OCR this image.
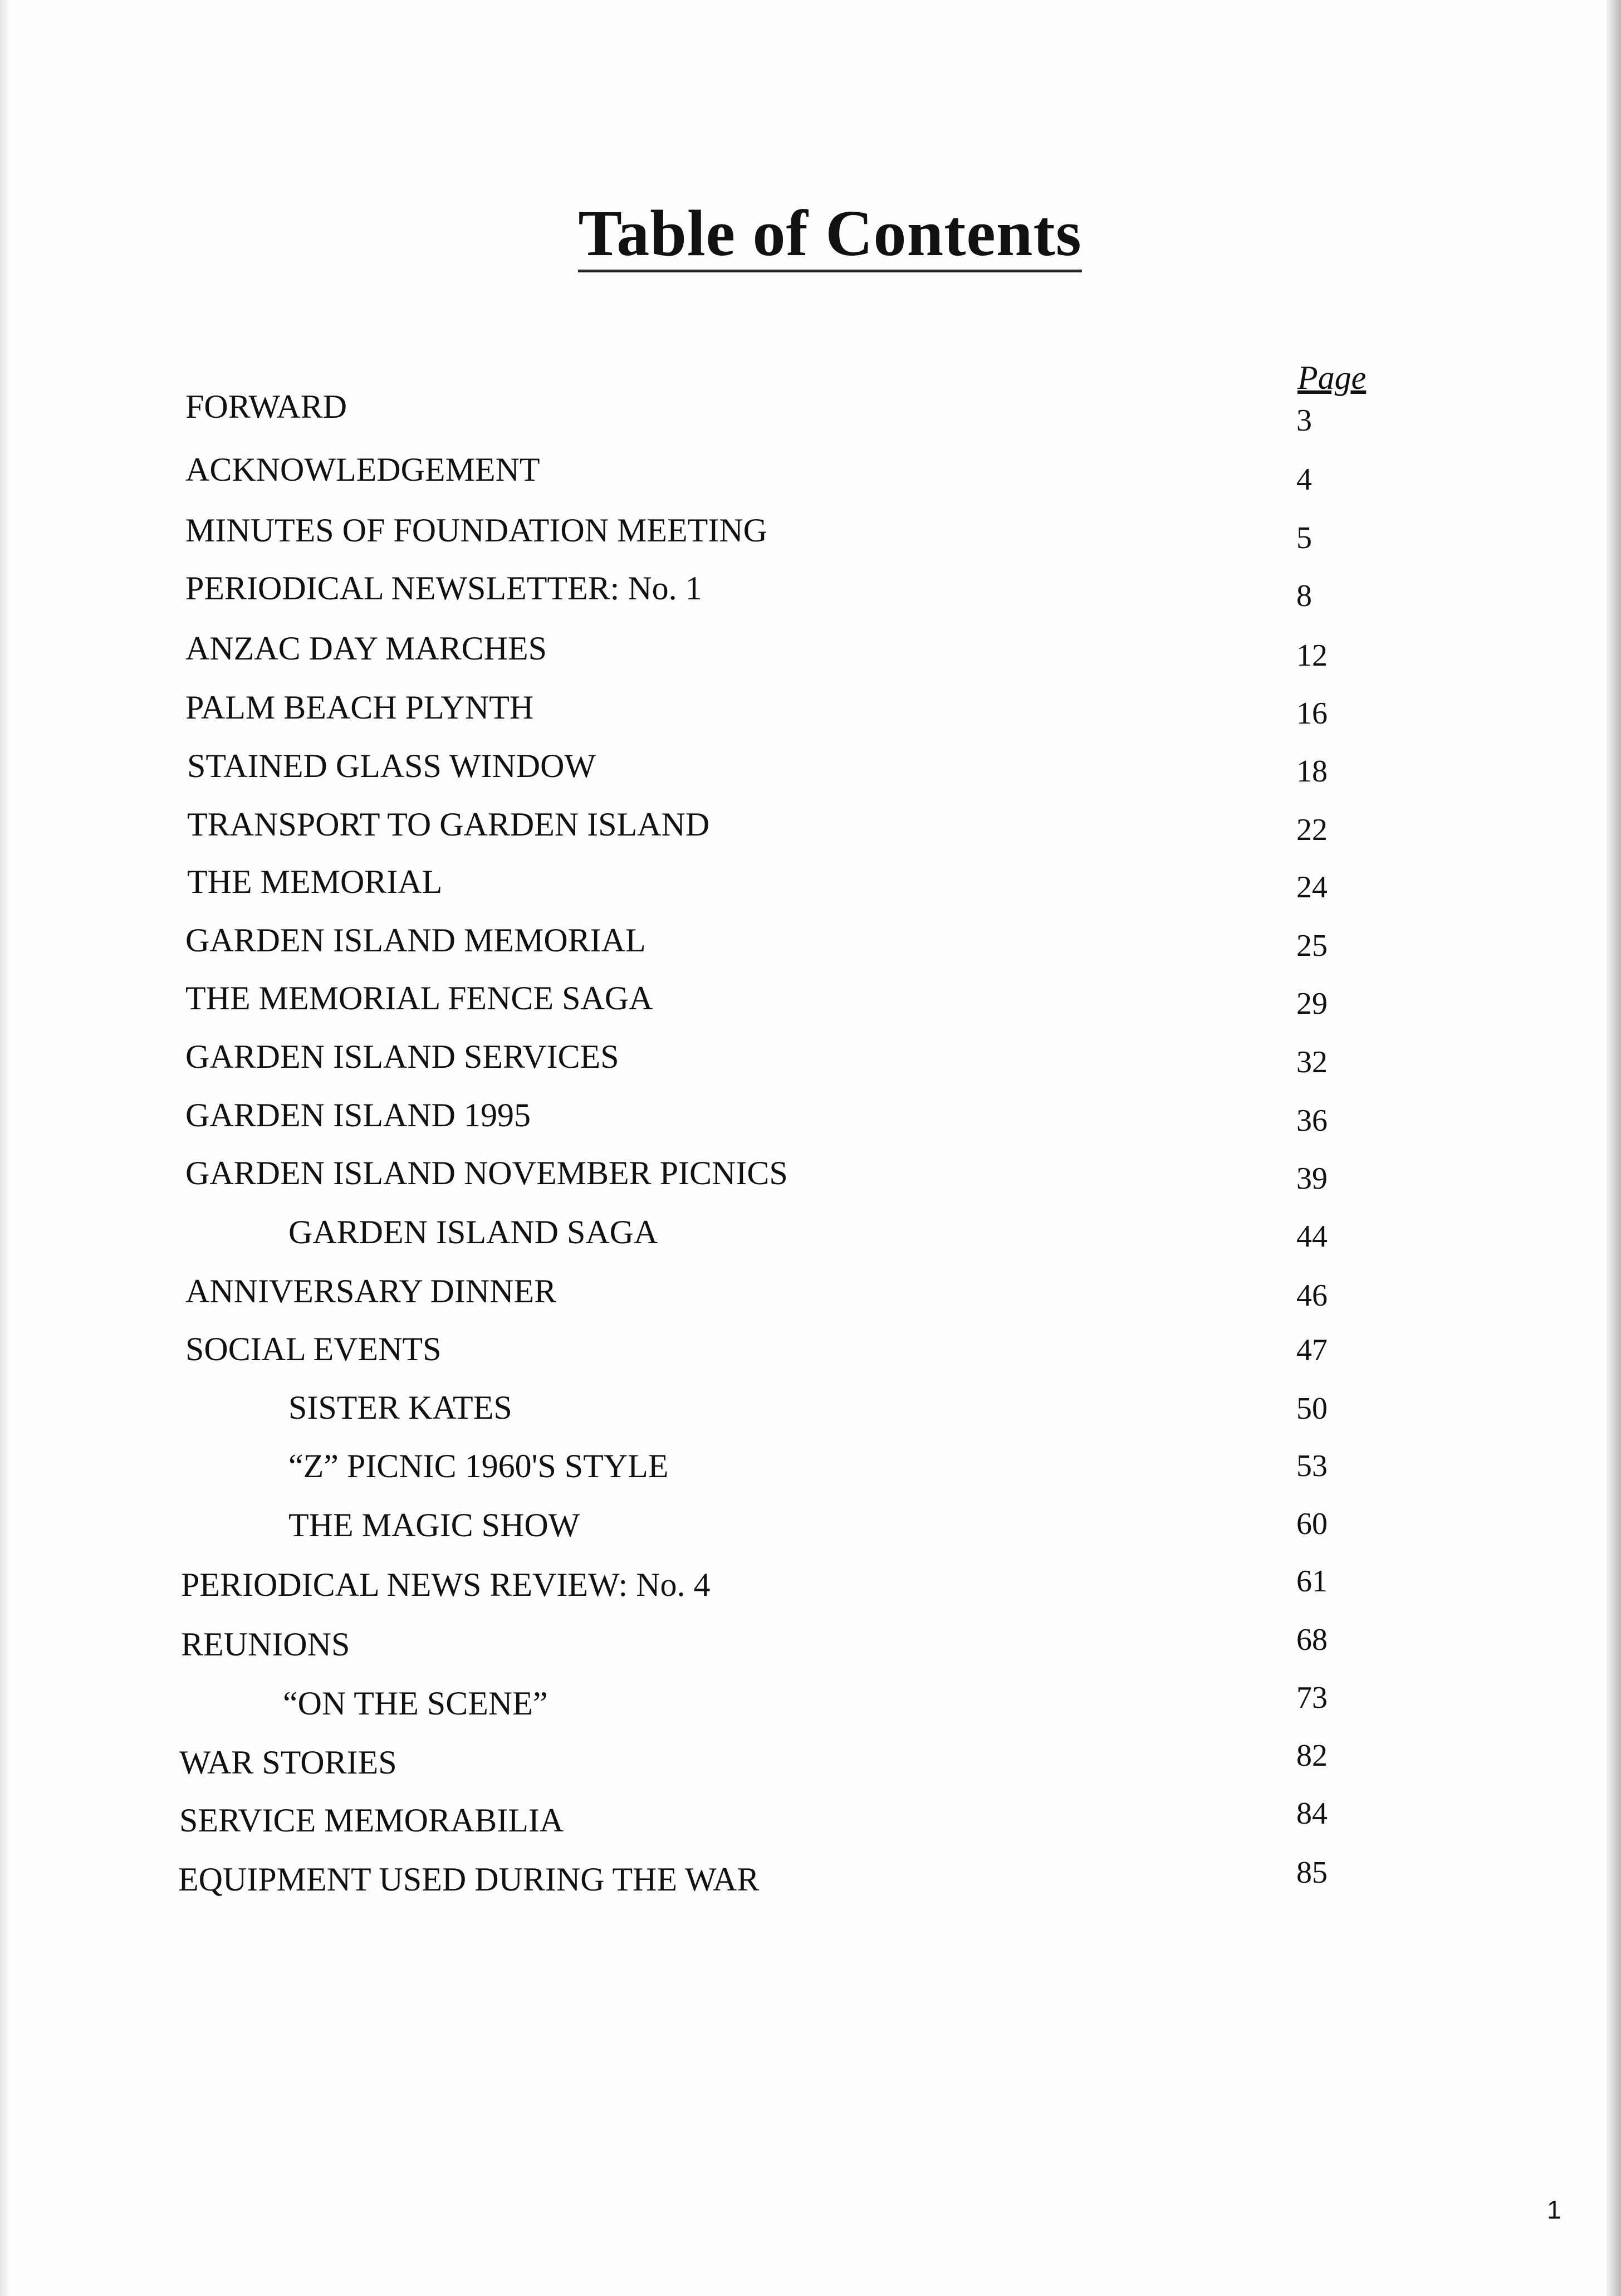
Table of Contents
Page
FORWARD	3
ACKNOWLEDGEMENT	4
MINUTES OF FOUNDATION MEETING	5
PERIODICAL NEWSLETTER: No. 1	8
ANZAC DAY MARCHES	12
PALM BEACH PLYNTH	16
STAINED GLASS WINDOW	18
TRANSPORT TO GARDEN ISLAND	22
THE MEMORIAL	24
GARDEN ISLAND MEMORIAL	25
THE MEMORIAL FENCE SAGA	29
GARDEN ISLAND SERVICES	32
GARDEN ISLAND 1995	36
GARDEN ISLAND NOVEMBER PICNICS	39
GARDEN ISLAND SAGA	44
ANNIVERSARY DINNER	46
SOCIAL EVENTS	47
SISTER KATES	50
“Z” PICNIC 1960'S STYLE	53
THE MAGIC SHOW	60
PERIODICAL NEWS REVIEW: No. 4	61
REUNIONS	68
“ON THE SCENE”	73
WAR STORIES	82
SERVICE MEMORABILIA	84
EQUIPMENT USED DURING THE WAR	85
1
